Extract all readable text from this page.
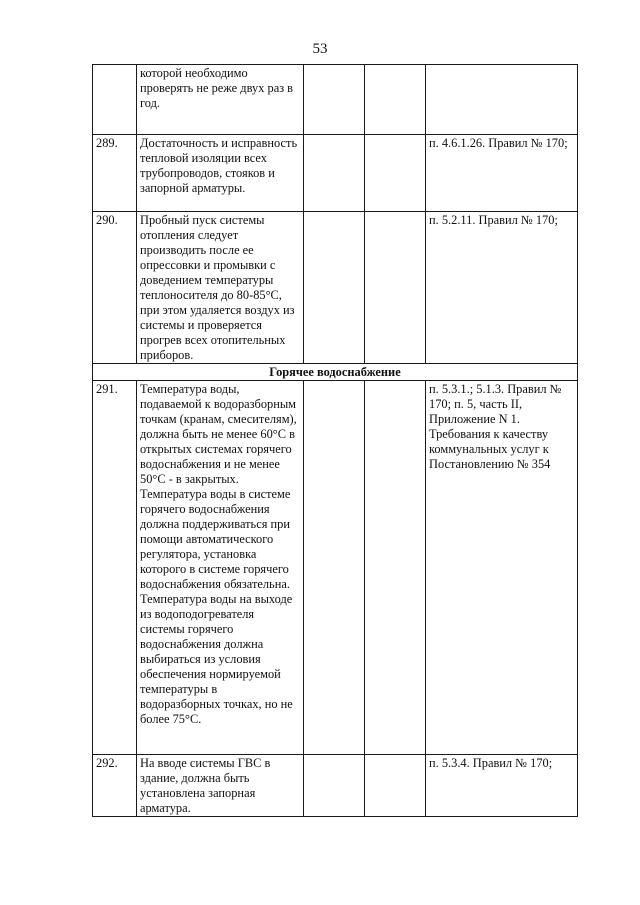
53

	которой необходимо проверять не реже двух раз в год.			

289.	Достаточность и исправность тепловой изоляции всех трубопроводов, стояков и запорной арматуры.			п. 4.6.1.26. Правил № 170;

290.	Пробный пуск системы отопления следует производить после ее опрессовки и промывки с доведением температуры теплоносителя до 80-85°С, при этом удаляется воздух из системы и проверяется прогрев всех отопительных приборов.			п. 5.2.11. Правил № 170;

Горячее водоснабжение				
291.	Температура воды, подаваемой к водоразборным точкам (кранам, смесителям), должна быть не менее 60°С в открытых системах горячего водоснабжения и не менее 50°С - в закрытых. Температура воды в системе горячего водоснабжения должна поддерживаться при помощи автоматического регулятора, установка которого в системе горячего водоснабжения обязательна. Температура воды на выходе из водоподогревателя системы горячего водоснабжения должна выбираться из условия обеспечения нормируемой температуры в водоразборных точках, но не более 75°С.			п. 5.3.1.; 5.1.3. Правил № 170; п. 5, часть II, Приложение N 1. Требования к качеству коммунальных услуг к Постановлению № 354

292.	На вводе системы ГВС в здание, должна быть установлена запорная арматура.			п. 5.3.4. Правил № 170;
